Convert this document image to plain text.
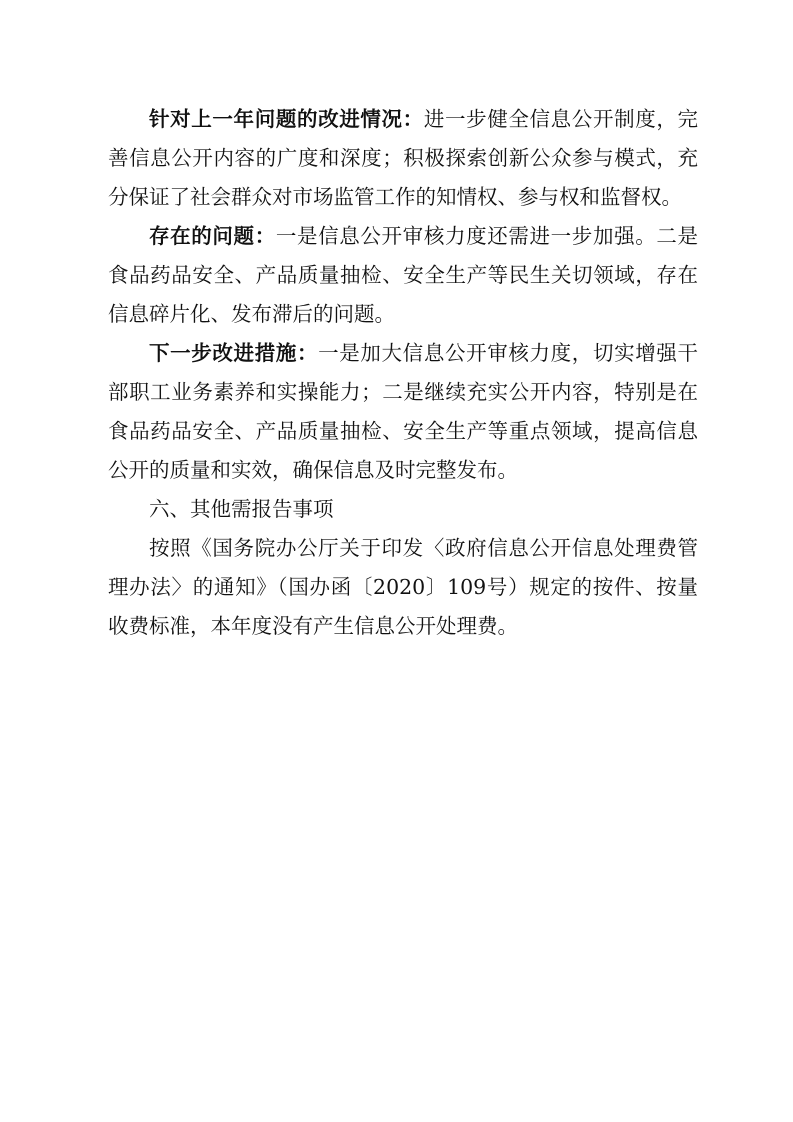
针对上一年问题的改进情况：进一步健全信息公开制度，完善信息公开内容的广度和深度；积极探索创新公众参与模式，充分保证了社会群众对市场监管工作的知情权、参与权和监督权。

存在的问题：一是信息公开审核力度还需进一步加强。二是食品药品安全、产品质量抽检、安全生产等民生关切领域，存在信息碎片化、发布滞后的问题。

下一步改进措施：一是加大信息公开审核力度，切实增强干部职工业务素养和实操能力；二是继续充实公开内容，特别是在食品药品安全、产品质量抽检、安全生产等重点领域，提高信息公开的质量和实效，确保信息及时完整发布。

六、其他需报告事项

按照《国务院办公厅关于印发〈政府信息公开信息处理费管理办法〉的通知》（国办函〔2020〕109号）规定的按件、按量收费标准，本年度没有产生信息公开处理费。
